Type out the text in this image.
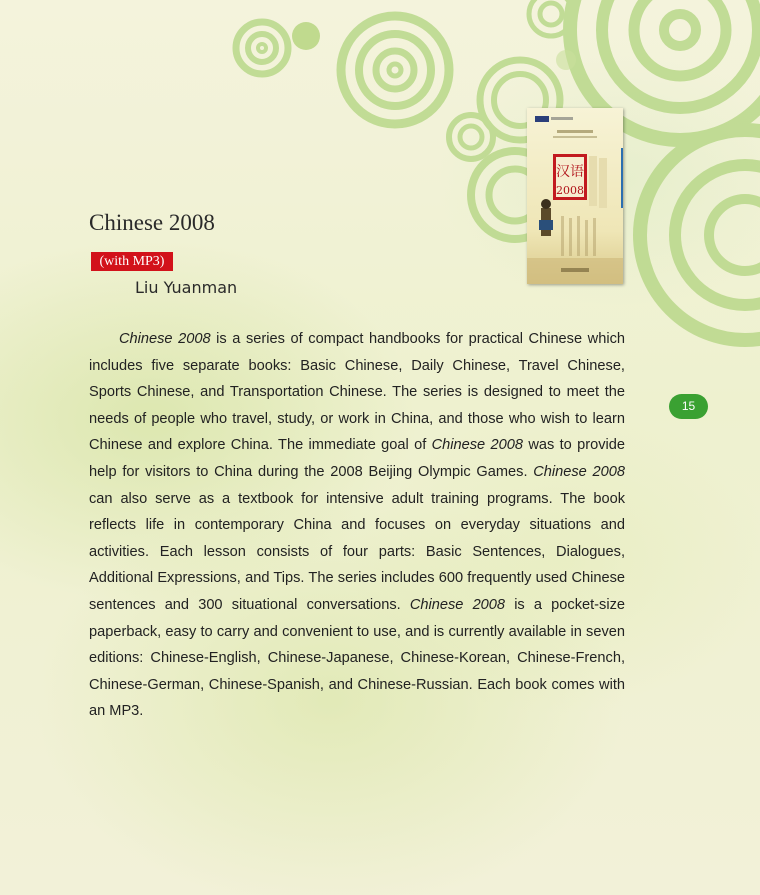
汉语
2008
Chinese 2008
(with MP3)

Liu Yuanman

15

Chinese 2008 is a series of compact handbooks for practical Chinese which includes five separate books: Basic Chinese, Daily Chinese, Travel Chinese, Sports Chinese, and Transportation Chinese. The series is designed to meet the needs of people who travel, study, or work in China, and those who wish to learn Chinese and explore China. The immediate goal of Chinese 2008 was to provide help for visitors to China during the 2008 Beijing Olympic Games. Chinese 2008 can also serve as a textbook for intensive adult training programs. The book reflects life in contemporary China and focuses on everyday situations and activities. Each lesson consists of four parts: Basic Sentences, Dialogues, Additional Expressions, and Tips. The series includes 600 frequently used Chinese sentences and 300 situational conversations. Chinese 2008 is a pocket-size paperback, easy to carry and convenient to use, and is currently available in seven editions: Chinese-English, Chinese-Japanese, Chinese-Korean, Chinese-French, Chinese-German, Chinese-Spanish, and Chinese-Russian. Each book comes with an MP3.
